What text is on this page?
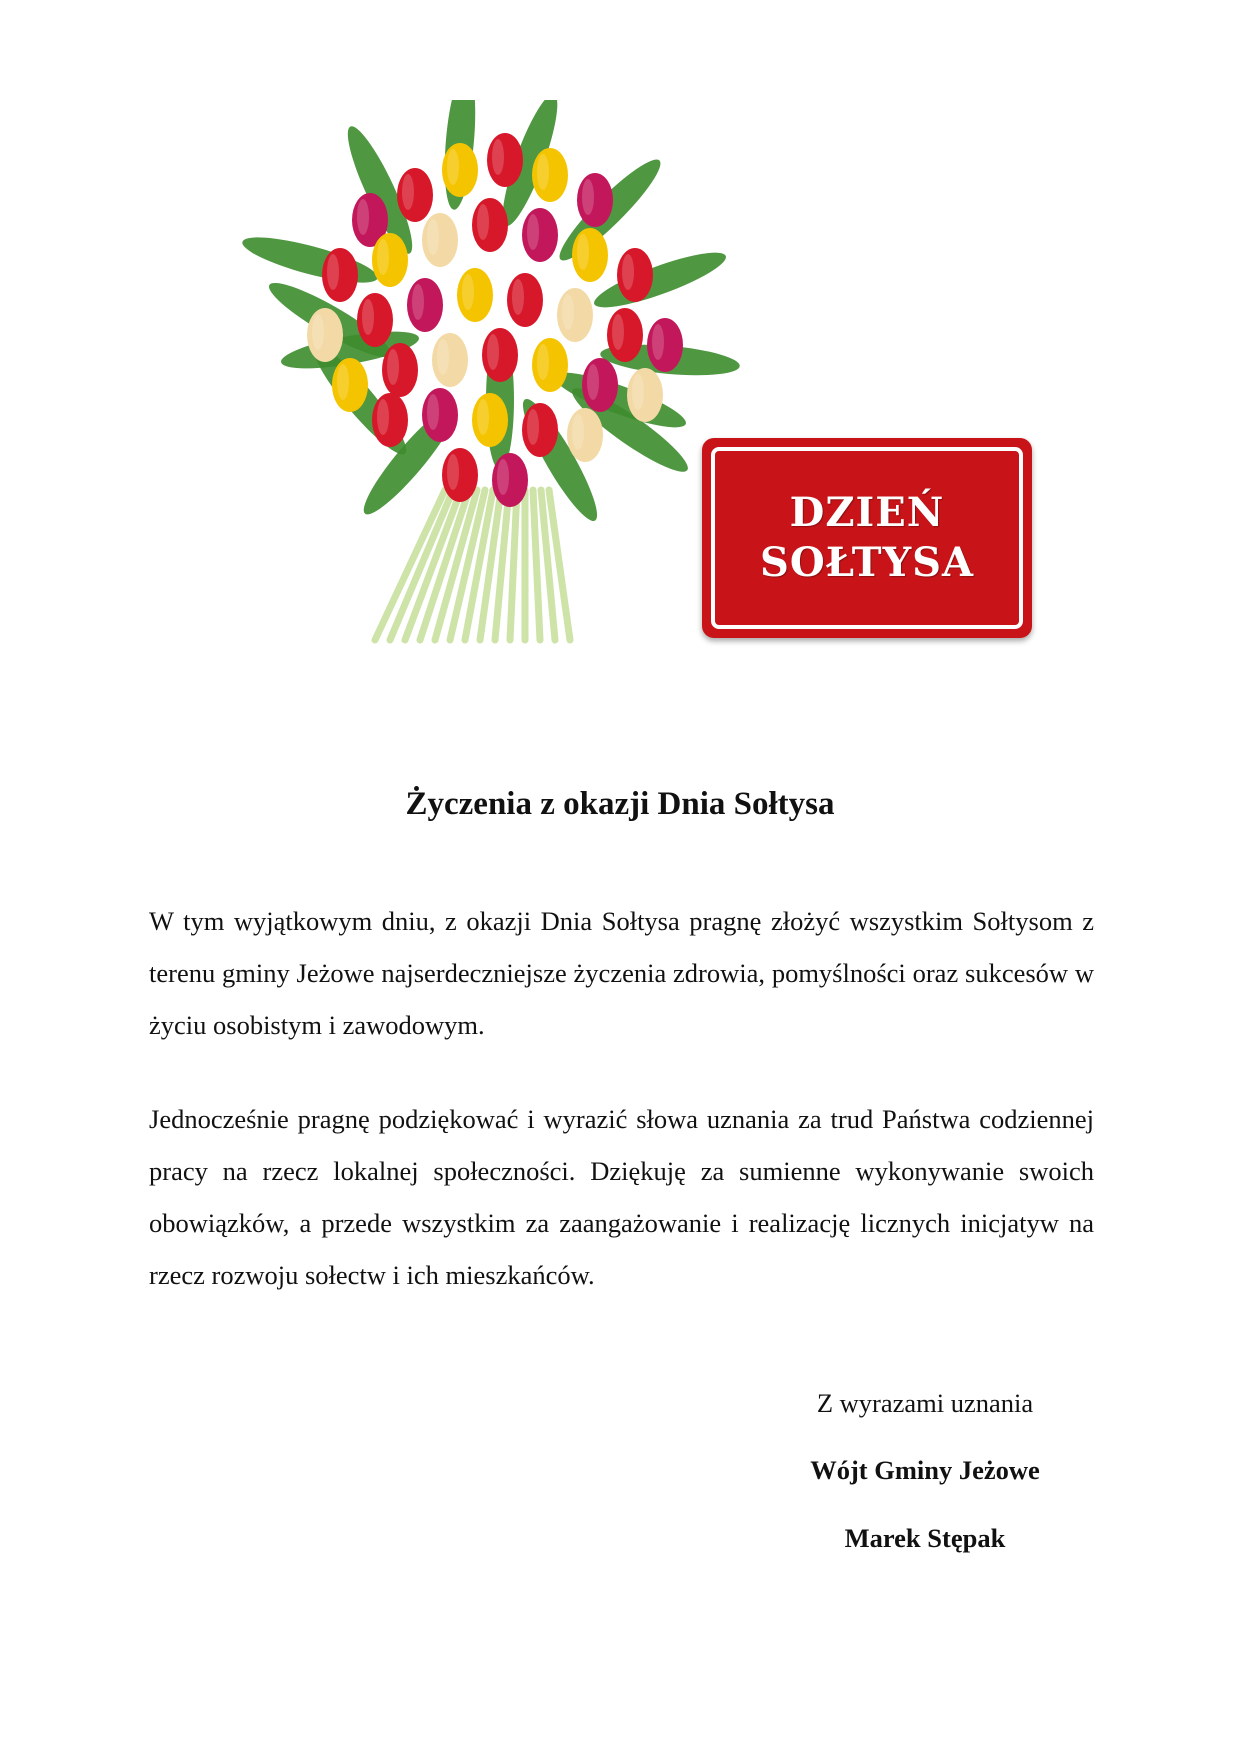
DZIEŃ
SOŁTYSA
Życzenia z okazji Dnia Sołtysa

W tym wyjątkowym dniu, z okazji Dnia Sołtysa pragnę złożyć wszystkim Sołtysom z terenu gminy Jeżowe najserdeczniejsze życzenia zdrowia, pomyślności oraz sukcesów w życiu osobistym i zawodowym.

Jednocześnie pragnę podziękować i wyrazić słowa uznania za trud Państwa codziennej pracy na rzecz lokalnej społeczności. Dziękuję za sumienne wykonywanie swoich obowiązków, a przede wszystkim za zaangażowanie i realizację licznych inicjatyw na rzecz rozwoju sołectw i ich mieszkańców.

Z wyrazami uznania
Wójt Gminy Jeżowe
Marek Stępak
